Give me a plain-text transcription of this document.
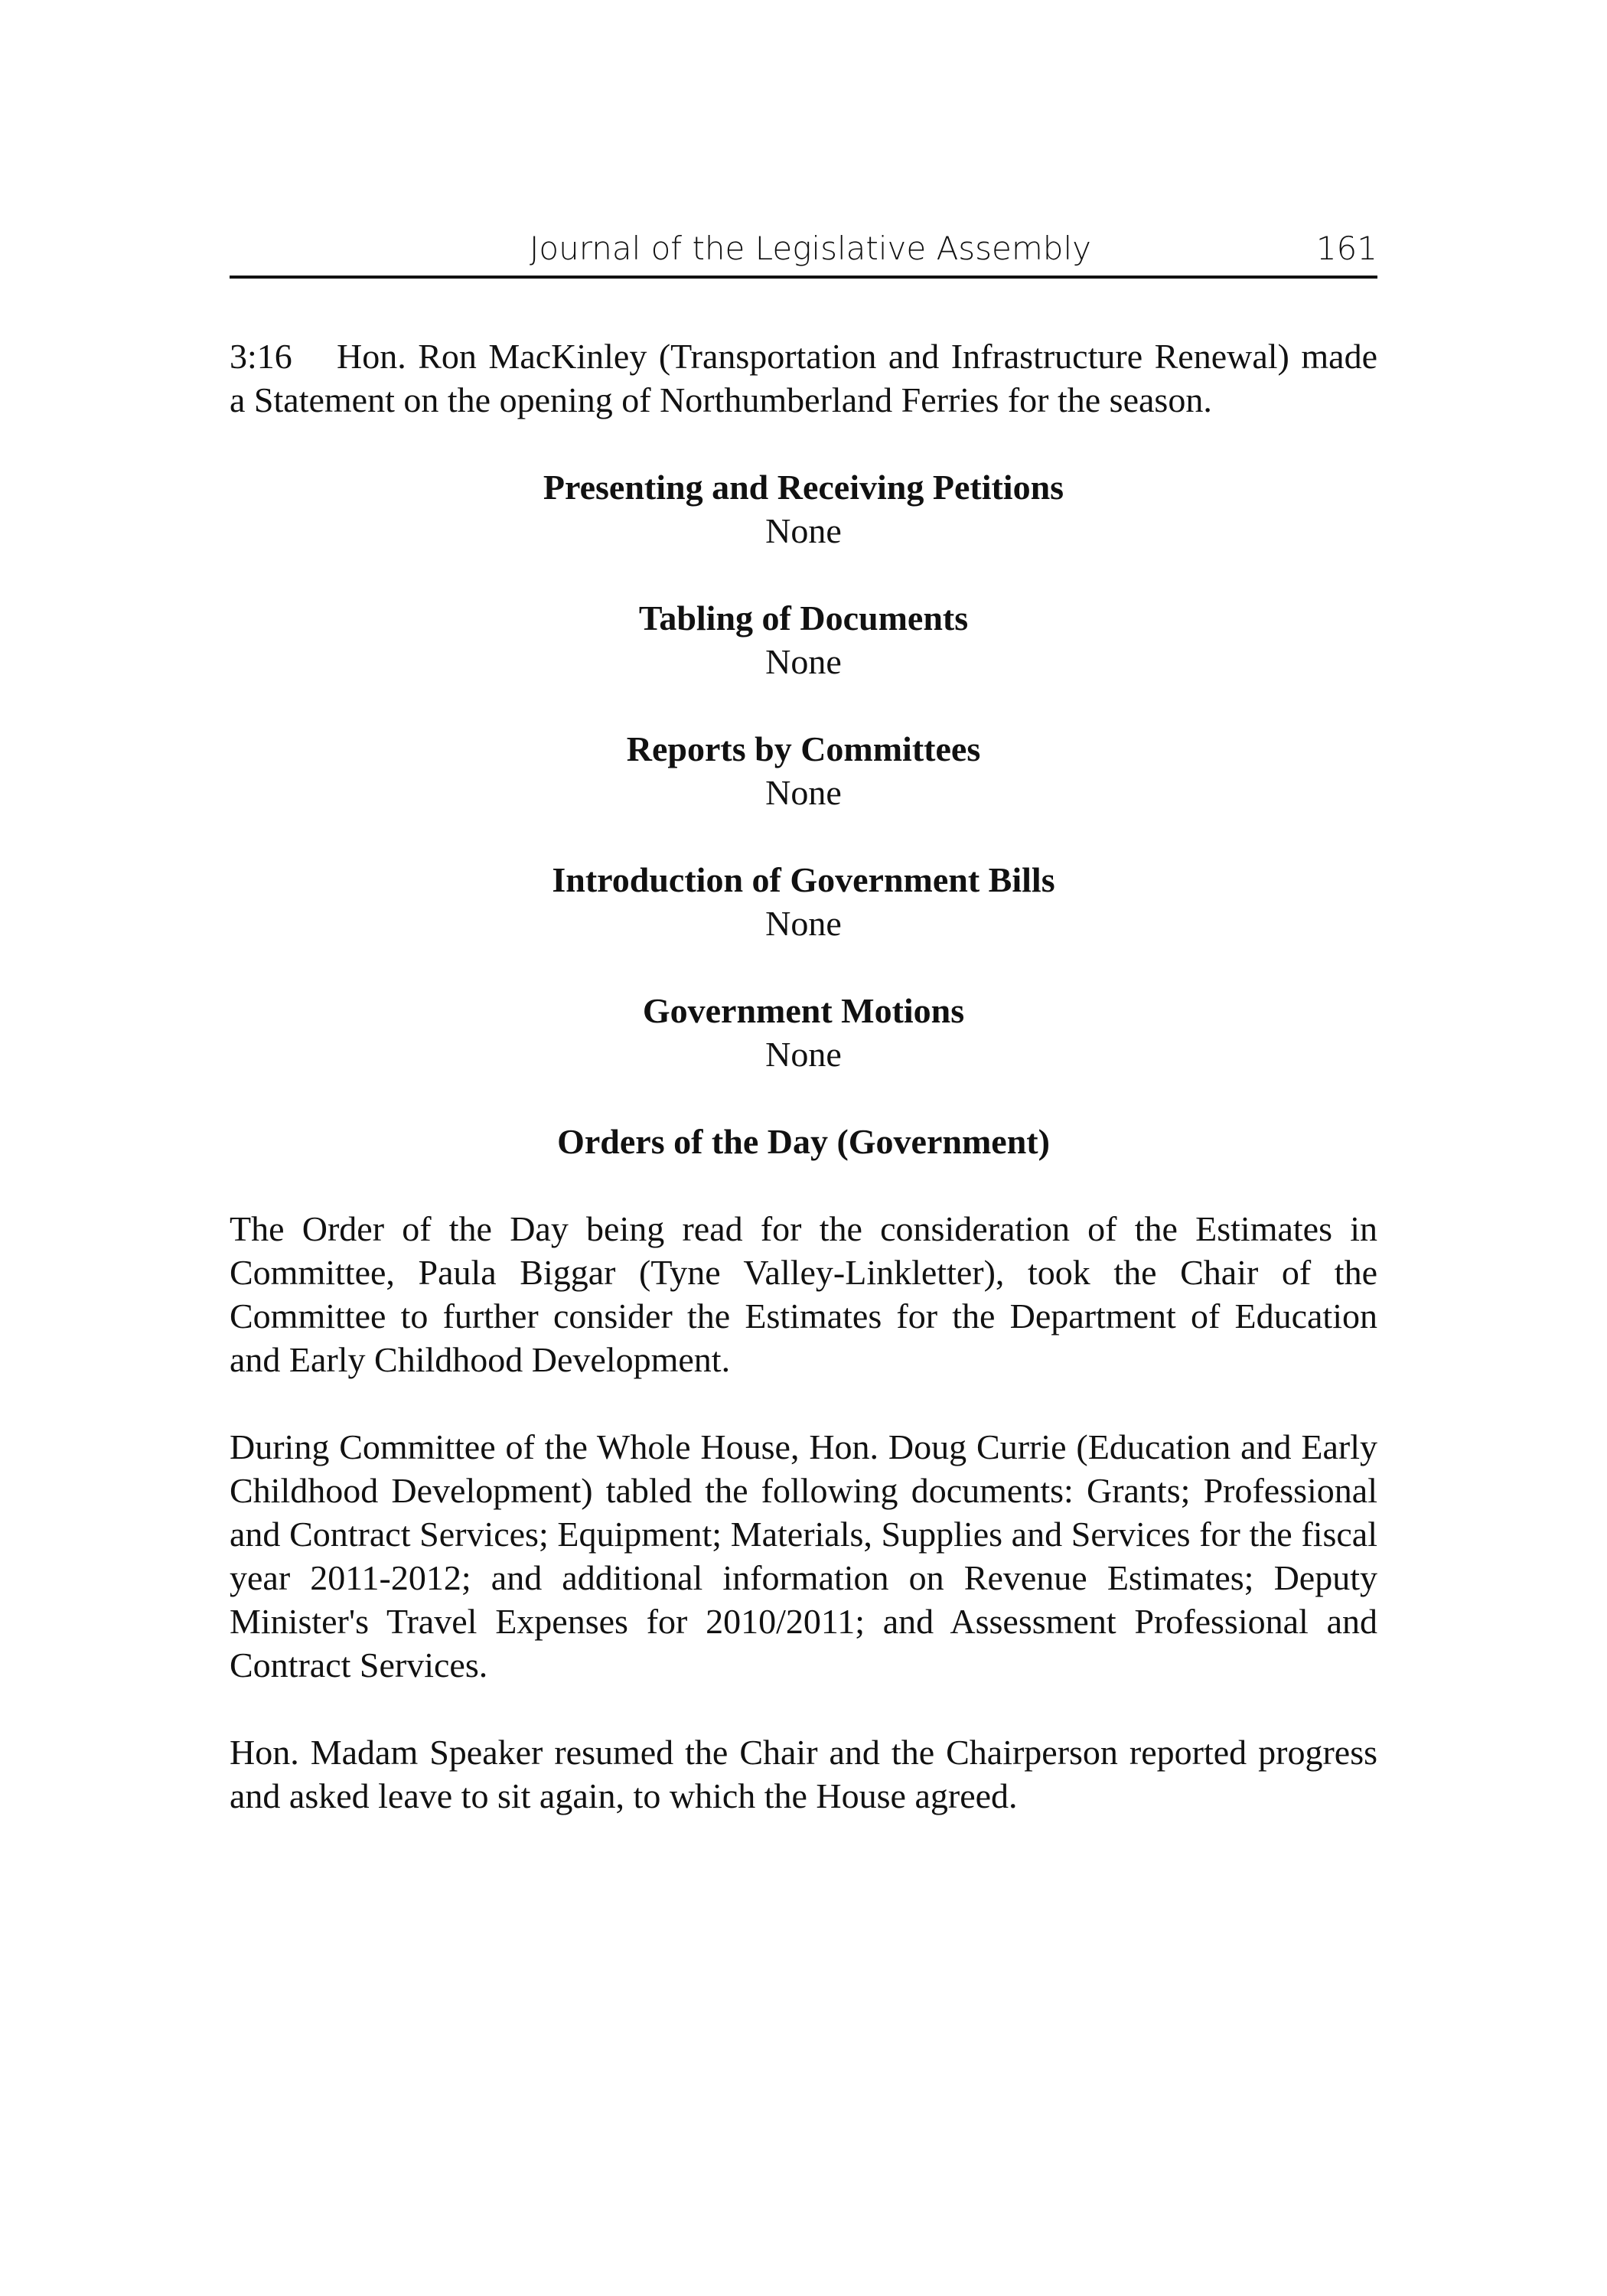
Journal of the Legislative Assembly	161

3:16 Hon. Ron MacKinley (Transportation and Infrastructure Renewal) made a Statement on the opening of Northumberland Ferries for the season.

Presenting and Receiving Petitions
None
Tabling of Documents
None
Reports by Committees
None
Introduction of Government Bills
None
Government Motions
None
Orders of the Day (Government)

The Order of the Day being read for the consideration of the Estimates in Committee, Paula Biggar (Tyne Valley-Linkletter), took the Chair of the Committee to further consider the Estimates for the Department of Education and Early Childhood Development.

During Committee of the Whole House, Hon. Doug Currie (Education and Early Childhood Development) tabled the following documents: Grants; Professional and Contract Services; Equipment; Materials, Supplies and Services for the fiscal year 2011-2012; and additional information on Revenue Estimates; Deputy Minister's Travel Expenses for 2010/2011; and Assessment Professional and Contract Services.

Hon. Madam Speaker resumed the Chair and the Chairperson reported progress and asked leave to sit again, to which the House agreed.
